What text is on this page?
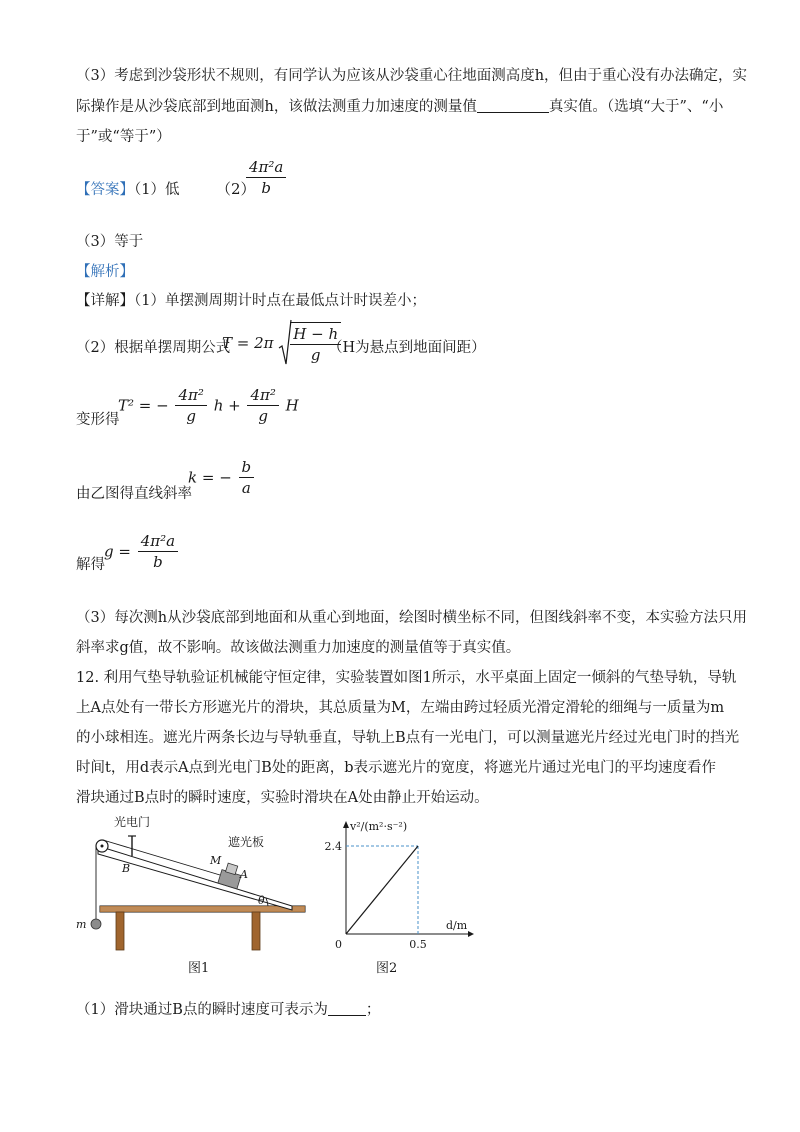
（3）考虑到沙袋形状不规则，有同学认为应该从沙袋重心往地面测高度h，但由于重心没有办法确定，实
际操作是从沙袋底部到地面测h，该做法测重力加速度的测量值	真实值。（选填“大于”、“小
于”或“等于”）
【答案】（1）低 （2）
$\frac{\text{4π²a}}{b}$
（3）等于
【解析】
【详解】（1）单摆测周期计时点在最低点计时误差小；
（2）根据单摆周期公式
$T = 2\pi \frac{H - h}{g}$
（H为悬点到地面间距）
变形得
T² = − $\frac{\text{4π²}}{g}$ $h + \frac{\text{4π²}}{g}$ H
由乙图得直线斜率
k = − $\frac{b}{a}$
解得
$g = \frac{\text{4π²a}}{b}$
（3）每次测h从沙袋底部到地面和从重心到地面，绘图时横坐标不同，但图线斜率不变，本实验方法只用
斜率求g值，故不影响。故该做法测重力加速度的测量值等于真实值。
12. 利用气垫导轨验证机械能守恒定律，实验装置如图1所示，水平桌面上固定一倾斜的气垫导轨，导轨
上A点处有一带长方形遮光片的滑块，其总质量为M，左端由跨过轻质光滑定滑轮的细绳与一质量为m
的小球相连。遮光片两条长边与导轨垂直，导轨上B点有一光电门，可以测量遮光片经过光电门时的挡光
时间t，用d表示A点到光电门B处的距离，b表示遮光片的宽度，将遮光片通过光电门的平均速度看作
滑块通过B点时的瞬时速度，实验时滑块在A处由静止开始运动。
光电门
遮光板
M
A
B
θ
m
图1
v²/(m²·s⁻²)
d/m
0
2.4
0.5
图2
（1）滑块通过B点的瞬时速度可表示为	；
